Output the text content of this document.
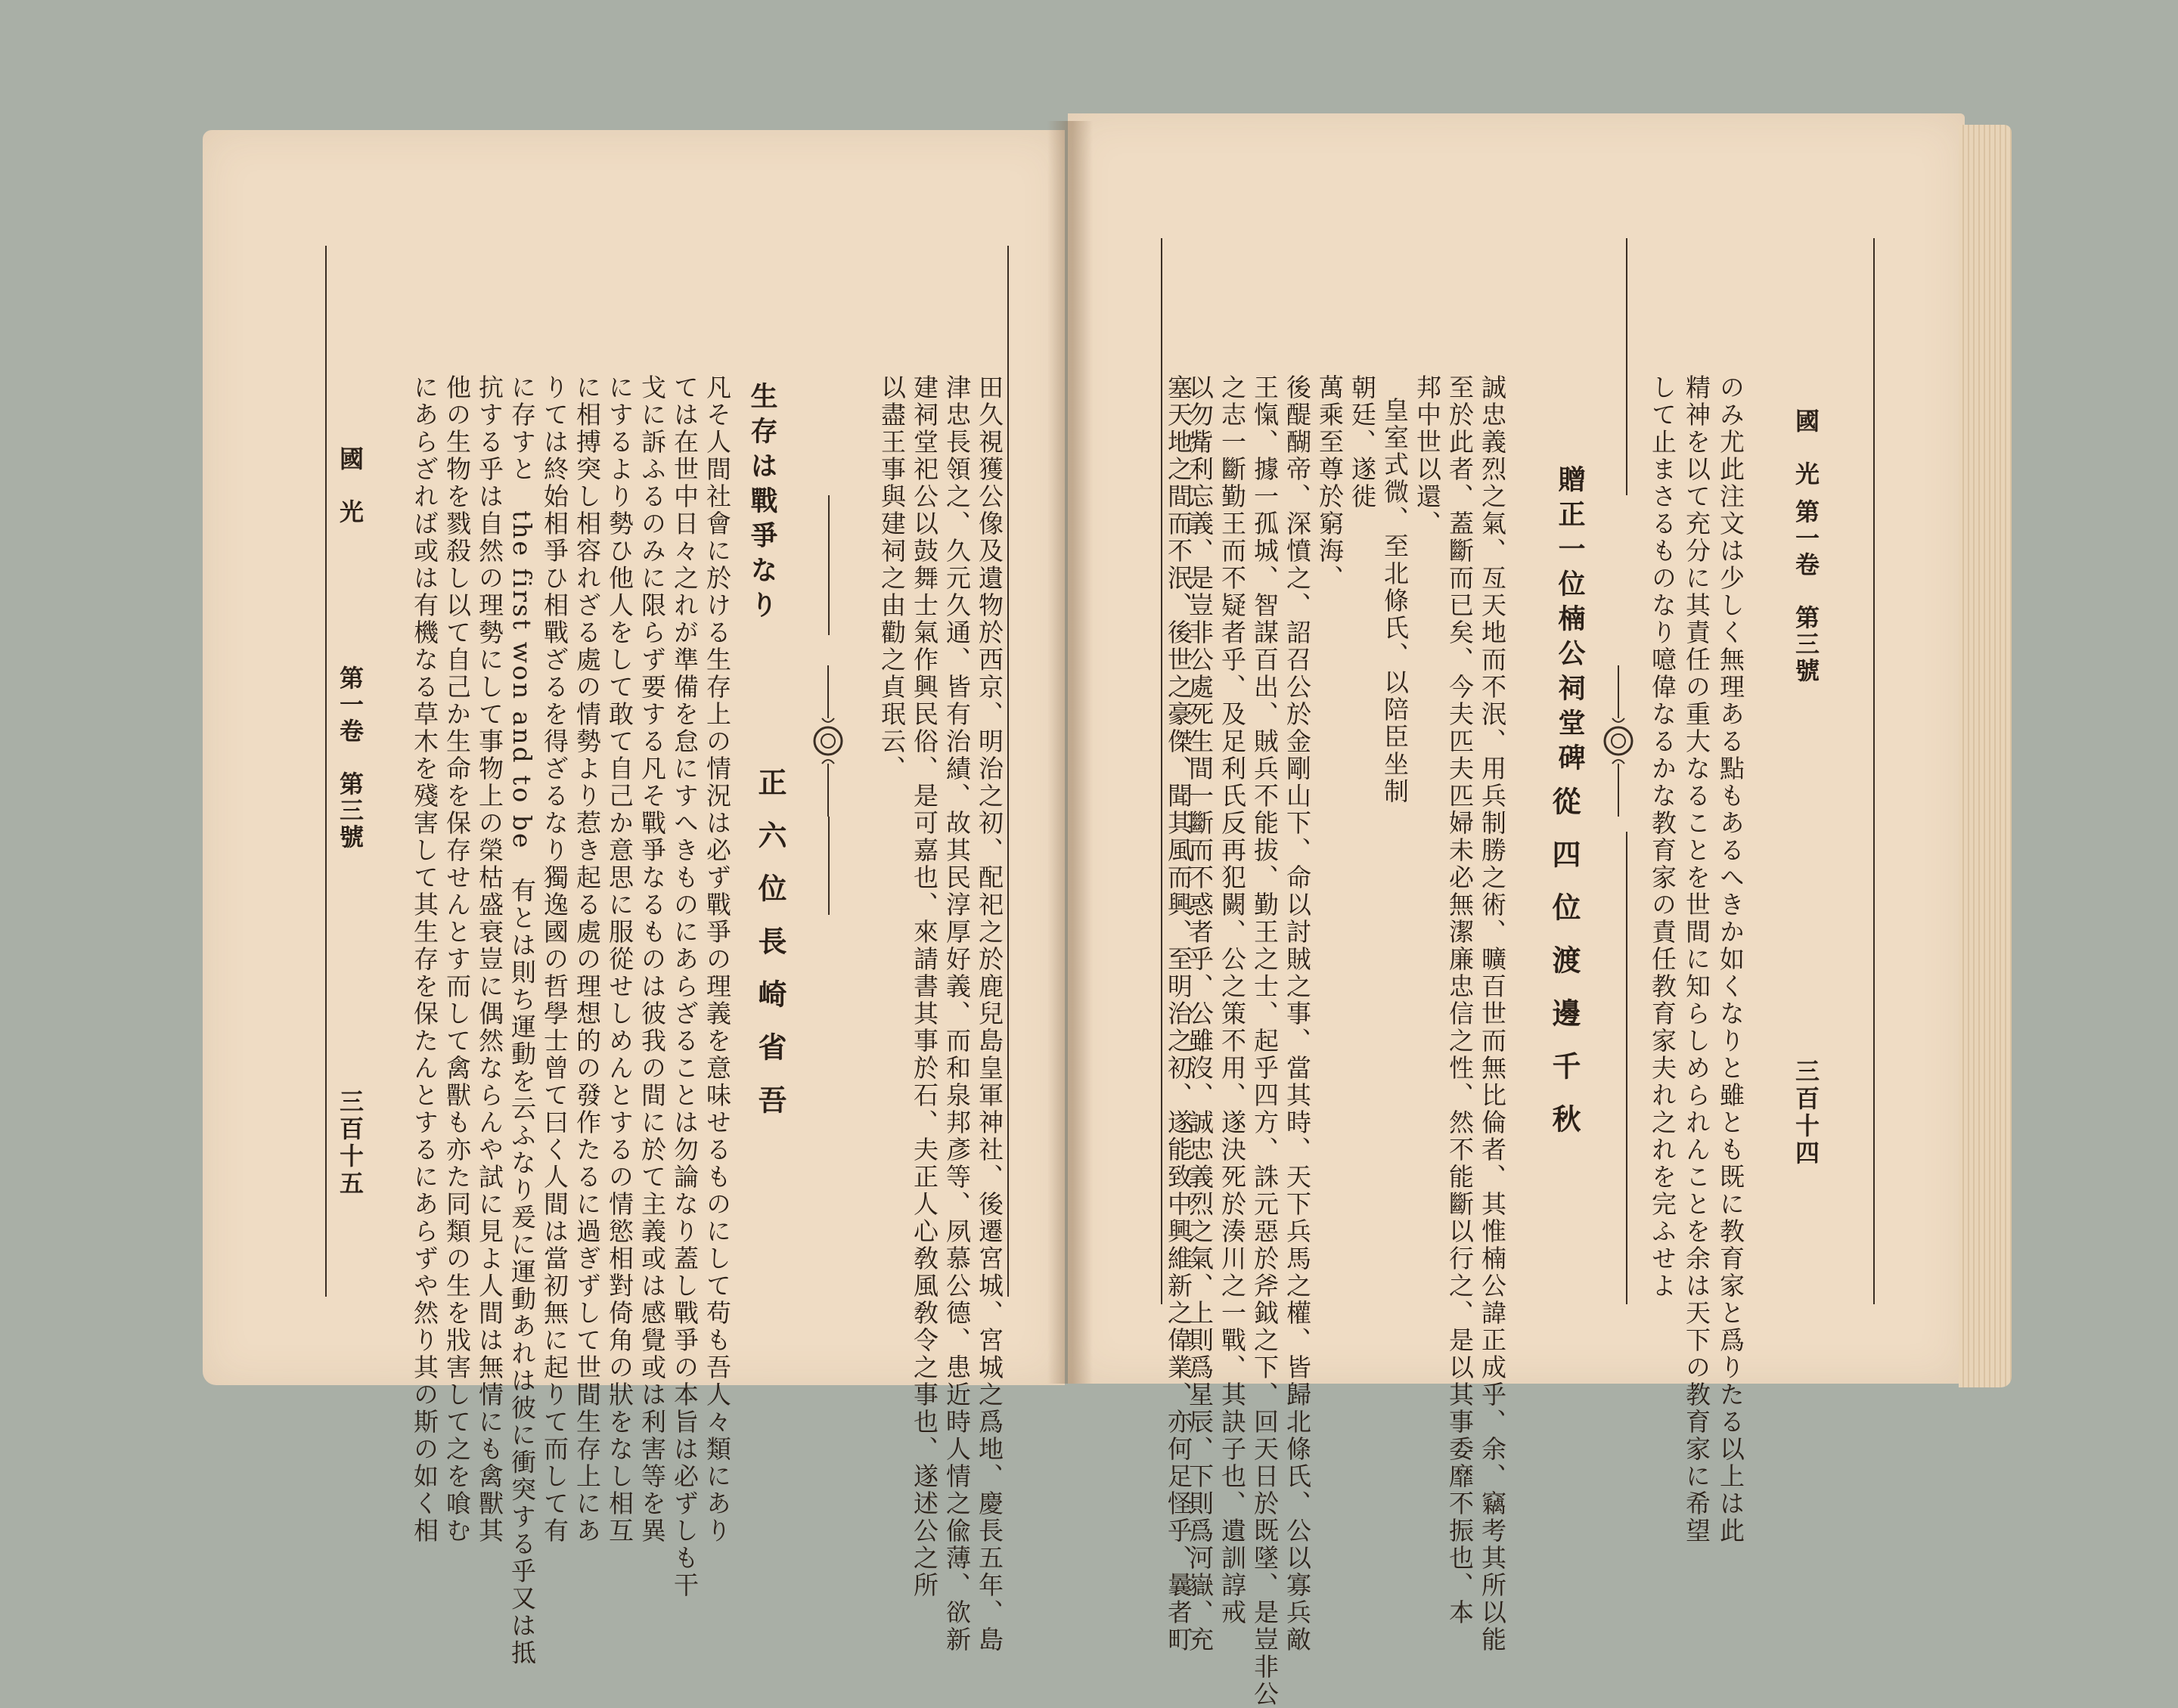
國　光
第一卷　第三號
三百十四
のみ尤此注文は少しく無理ある點もあるへきか如くなりと雖とも既に教育家と爲りたる以上は此
精神を以て充分に其責任の重大なることを世間に知らしめられんことを余は天下の教育家に希望
して止まさるものなり噫偉なるかな教育家の責任教育家夫れ之れを完ふせよ
贈正一位楠公祠堂碑
從四位渡邊千秋
誠忠義烈之氣、亙天地而不泯、用兵制勝之術、曠百世而無比倫者、其惟楠公諱正成乎、余、竊考其所以能
至於此者、蓋斷而已矣、今夫匹夫匹婦未必無潔廉忠信之性、然不能斷以行之、是以其事委靡不振也、本
邦中世以還、
皇室式微、至北條氏、以陪臣坐制
朝廷、遂徙
萬乘至尊於窮海、
後醍醐帝、深憤之、詔召公於金剛山下、命以討賊之事、當其時、天下兵馬之權、皆歸北條氏、公以寡兵敵
王愾、據一孤城、智謀百出、賊兵不能拔、勤王之士、起乎四方、誅元惡於斧鉞之下、回天日於既墜、是豈非公
之志一斷勤王而不疑者乎、及足利氏反再犯闕、公之策不用、遂決死於湊川之一戰、其訣子也、遺訓諄戒
以勿觜利忘義、是豈非公處死生間一斷而不惑者乎、公雖沒、誠忠義烈之氣、上則爲星辰、下則爲河嶽、充
塞天地之間而不泯、後世之豪傑、聞其風而興、至明治之初、遂能致中興維新之偉業、亦何足怪乎、曩者町
田久視獲公像及遺物於西京、明治之初、配祀之於鹿兒島皇軍神社、後遷宮城、宮城之爲地、慶長五年、島
津忠長領之、久元久通、皆有治績、故其民淳厚好義、而和泉邦彥等、夙慕公德、患近時人情之偸薄、欲新
建祠堂祀公以鼓舞士氣作興民俗、是可嘉也、來請書其事於石、夫正人心敎風敎令之事也、遂述公之所
以盡王事與建祠之由勸之貞珉云、
生存は戰爭なり
正六位長崎省吾
凡そ人間社會に於ける生存上の情況は必ず戰爭の理義を意味せるものにして苟も吾人々類にあり
ては在世中日々之れが準備を怠にすへきものにあらざることは勿論なり蓋し戰爭の本旨は必ずしも干
戈に訴ふるのみに限らず要する凡そ戰爭なるものは彼我の間に於て主義或は感覺或は利害等を異
にするより勢ひ他人をして敢て自己か意思に服從せしめんとするの情慾相對倚角の狀をなし相互
に相搏突し相容れざる處の情勢より惹き起る處の理想的の發作たるに過ぎずして世間生存上にあ
りては終始相爭ひ相戰ざるを得ざるなり獨逸國の哲學士曾て曰く人間は當初無に起りて而して有
に存すと　the first won and to be　有とは則ち運動を云ふなり爰に運動あれは彼に衝突する乎又は抵
抗する乎は自然の理勢にして事物上の榮枯盛衰豈に偶然ならんや試に見よ人間は無情にも禽獸其
他の生物を戮殺し以て自己か生命を保存せんとす而して禽獸も亦た同類の生を戕害して之を喰む
にあらざれば或は有機なる草木を殘害して其生存を保たんとするにあらずや然り其の斯の如く相
國　光
第一卷　第三號
三百十五
